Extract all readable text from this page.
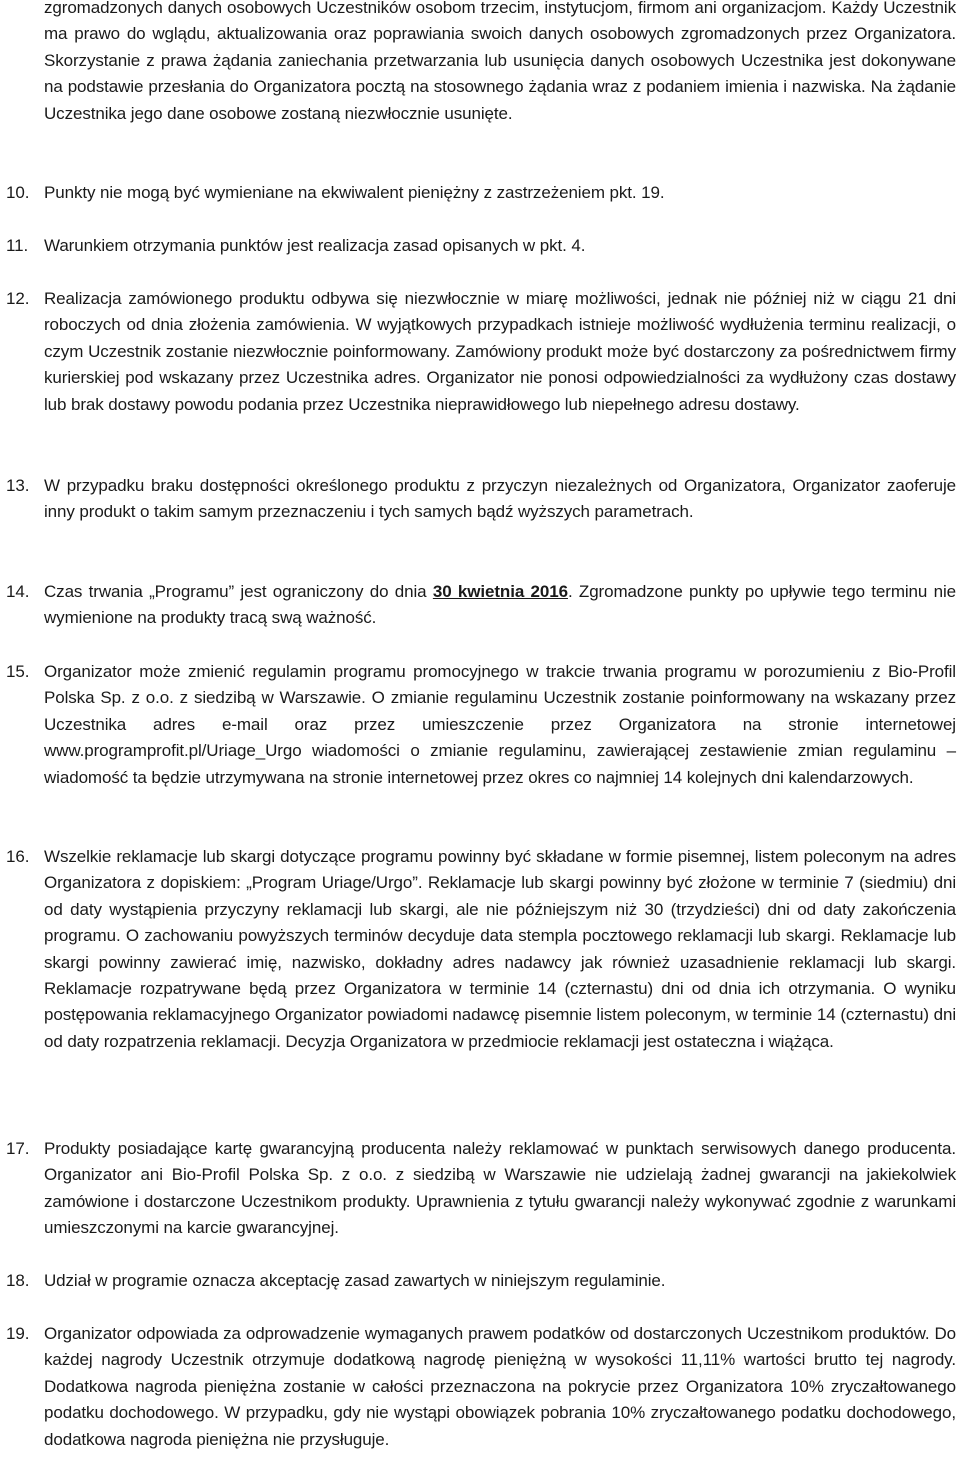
zgromadzonych danych osobowych Uczestników osobom trzecim, instytucjom, firmom ani organizacjom. Każdy Uczestnik ma prawo do wglądu, aktualizowania oraz poprawiania swoich danych osobowych zgromadzonych przez Organizatora. Skorzystanie z prawa żądania zaniechania przetwarzania lub usunięcia danych osobowych Uczestnika jest dokonywane na podstawie przesłania do Organizatora pocztą na stosownego żądania wraz z podaniem imienia i nazwiska. Na żądanie Uczestnika jego dane osobowe zostaną niezwłocznie usunięte.

10. Punkty nie mogą być wymieniane na ekwiwalent pieniężny z zastrzeżeniem pkt. 19.
11. Warunkiem otrzymania punktów jest realizacja zasad opisanych w pkt. 4.
12. Realizacja zamówionego produktu odbywa się niezwłocznie w miarę możliwości, jednak nie później niż w ciągu 21 dni roboczych od dnia złożenia zamówienia. W wyjątkowych przypadkach istnieje możliwość wydłużenia terminu realizacji, o czym Uczestnik zostanie niezwłocznie poinformowany. Zamówiony produkt może być dostarczony za pośrednictwem firmy kurierskiej pod wskazany przez Uczestnika adres. Organizator nie ponosi odpowiedzialności za wydłużony czas dostawy lub brak dostawy powodu podania przez Uczestnika nieprawidłowego lub niepełnego adresu dostawy.
13. W przypadku braku dostępności określonego produktu z przyczyn niezależnych od Organizatora, Organizator zaoferuje inny produkt o takim samym przeznaczeniu i tych samych bądź wyższych parametrach.
14. Czas trwania „Programu” jest ograniczony do dnia 30 kwietnia 2016. Zgromadzone punkty po upływie tego terminu nie wymienione na produkty tracą swą ważność.
15. Organizator może zmienić regulamin programu promocyjnego w trakcie trwania programu w porozumieniu z Bio-Profil Polska Sp. z o.o. z siedzibą w Warszawie. O zmianie regulaminu Uczestnik zostanie poinformowany na wskazany przez Uczestnika adres e-mail oraz przez umieszczenie przez Organizatora na stronie internetowej www.programprofit.pl/Uriage_Urgo wiadomości o zmianie regulaminu, zawierającej zestawienie zmian regulaminu – wiadomość ta będzie utrzymywana na stronie internetowej przez okres co najmniej 14 kolejnych dni kalendarzowych.
16. Wszelkie reklamacje lub skargi dotyczące programu powinny być składane w formie pisemnej, listem poleconym na adres Organizatora z dopiskiem: „Program Uriage/Urgo”. Reklamacje lub skargi powinny być złożone w terminie 7 (siedmiu) dni od daty wystąpienia przyczyny reklamacji lub skargi, ale nie późniejszym niż 30 (trzydzieści) dni od daty zakończenia programu. O zachowaniu powyższych terminów decyduje data stempla pocztowego reklamacji lub skargi. Reklamacje lub skargi powinny zawierać imię, nazwisko, dokładny adres nadawcy jak również uzasadnienie reklamacji lub skargi. Reklamacje rozpatrywane będą przez Organizatora w terminie 14 (czternastu) dni od dnia ich otrzymania. O wyniku postępowania reklamacyjnego Organizator powiadomi nadawcę pisemnie listem poleconym, w terminie 14 (czternastu) dni od daty rozpatrzenia reklamacji. Decyzja Organizatora w przedmiocie reklamacji jest ostateczna i wiążąca.
17. Produkty posiadające kartę gwarancyjną producenta należy reklamować w punktach serwisowych danego producenta. Organizator ani Bio-Profil Polska Sp. z o.o. z siedzibą w Warszawie nie udzielają żadnej gwarancji na jakiekolwiek zamówione i dostarczone Uczestnikom produkty. Uprawnienia z tytułu gwarancji należy wykonywać zgodnie z warunkami umieszczonymi na karcie gwarancyjnej.
18. Udział w programie oznacza akceptację zasad zawartych w niniejszym regulaminie.
19. Organizator odpowiada za odprowadzenie wymaganych prawem podatków od dostarczonych Uczestnikom produktów. Do każdej nagrody Uczestnik otrzymuje dodatkową nagrodę pieniężną w wysokości 11,11% wartości brutto tej nagrody. Dodatkowa nagroda pieniężna zostanie w całości przeznaczona na pokrycie przez Organizatora 10% zryczałtowanego podatku dochodowego. W przypadku, gdy nie wystąpi obowiązek pobrania 10% zryczałtowanego podatku dochodowego, dodatkowa nagroda pieniężna nie przysługuje.
